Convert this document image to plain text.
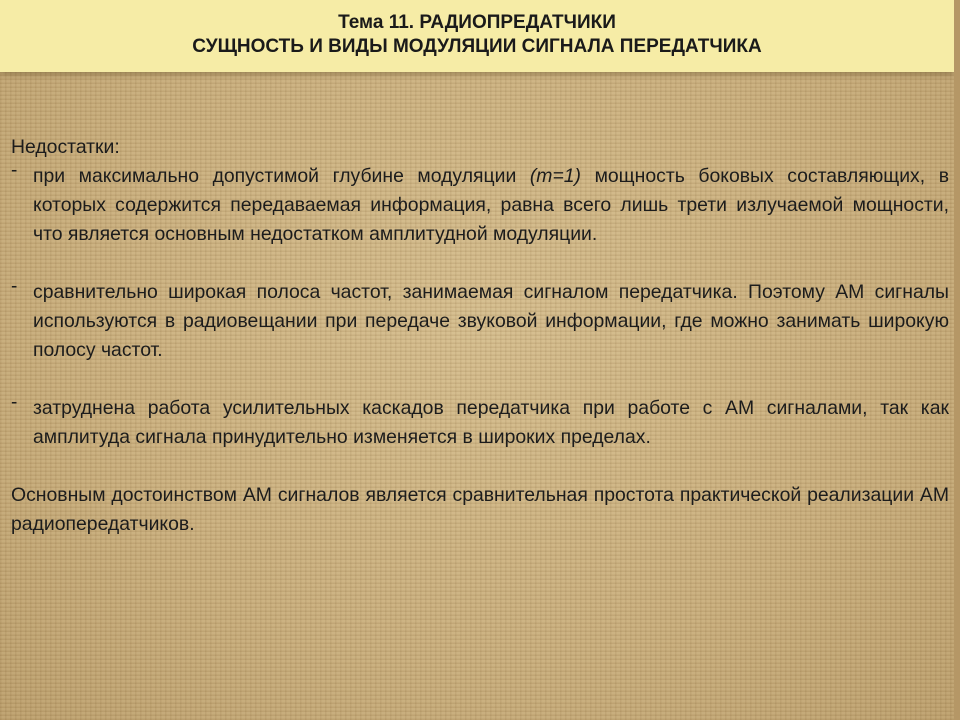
Тема 11. РАДИОПРЕДАТЧИКИ
СУЩНОСТЬ И ВИДЫ МОДУЛЯЦИИ СИГНАЛА ПЕРЕДАТЧИКА

Недостатки:

- при максимально допустимой глубине модуляции (m=1) мощность боковых составляющих, в которых содержится передаваемая информация, равна всего лишь трети излучаемой мощности, что является основным недостатком амплитудной модуляции.

- сравнительно широкая полоса частот, занимаемая сигналом передатчика. Поэтому АМ сигналы используются в радиовещании при передаче звуковой информации, где можно занимать широкую полосу частот.

- затруднена работа усилительных каскадов передатчика при работе с АМ сигналами, так как амплитуда сигнала принудительно изменяется в широких пределах.

Основным достоинством АМ сигналов является сравнительная простота практической реализации АМ радиопередатчиков.
